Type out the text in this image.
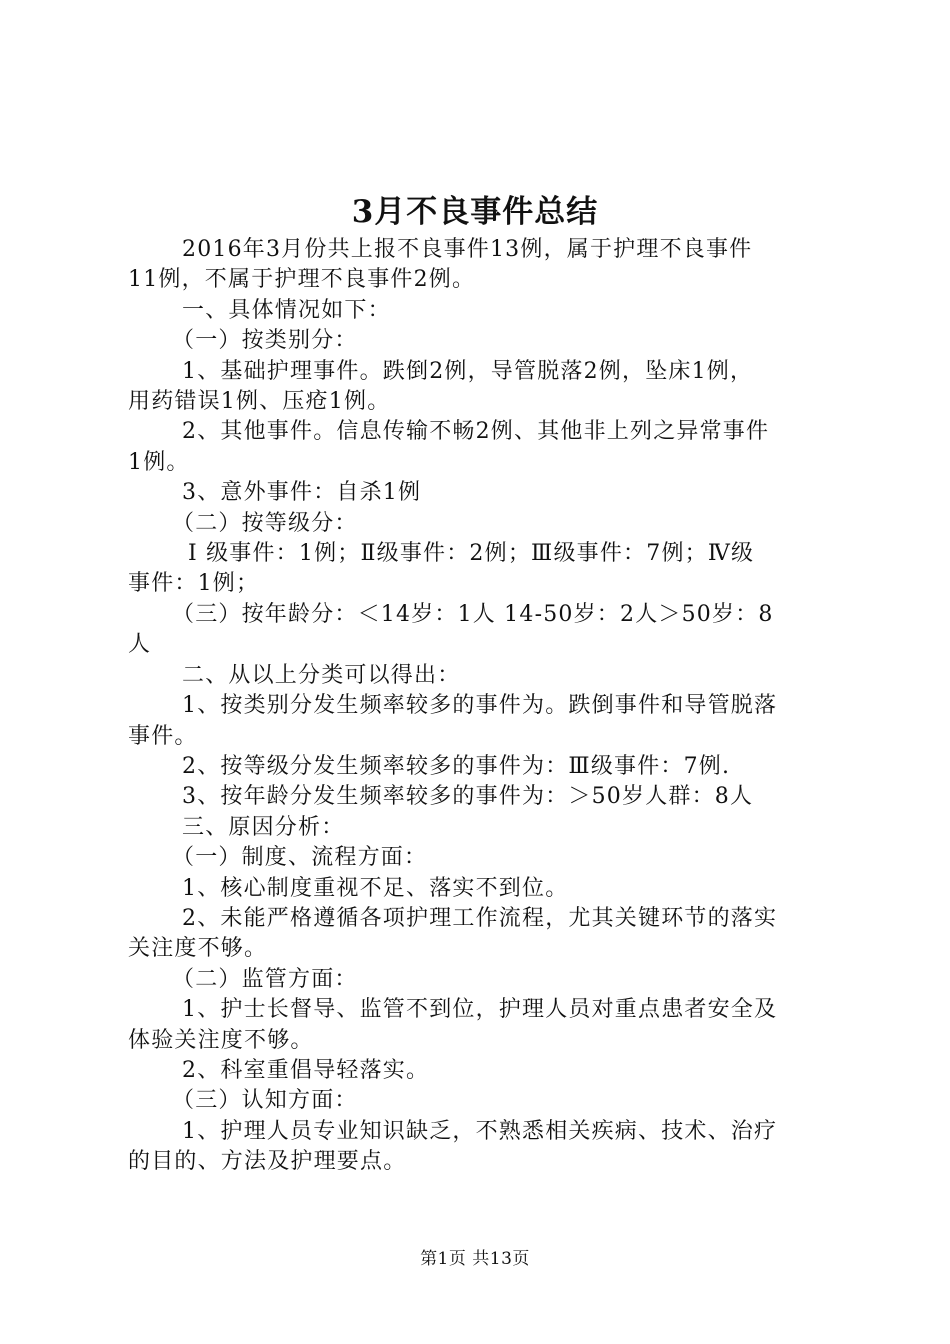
3月不良事件总结

2016年3月份共上报不良事件13例，属于护理不良事件

11例，不属于护理不良事件2例。

一、具体情况如下：

（一）按类别分：

1、基础护理事件。跌倒2例，导管脱落2例，坠床1例，

用药错误1例、压疮1例。

2、其他事件。信息传输不畅2例、其他非上列之异常事件

1例。

3、意外事件：自杀1例

（二）按等级分：

Ⅰ 级事件：1例；Ⅱ级事件：2例；Ⅲ级事件：7例；Ⅳ级

事件：1例；

（三）按年龄分：＜14岁：1人 14-50岁：2人＞50岁：8

人

二、从以上分类可以得出：

1、按类别分发生频率较多的事件为。跌倒事件和导管脱落

事件。

2、按等级分发生频率较多的事件为：Ⅲ级事件：7例.

3、按年龄分发生频率较多的事件为：＞50岁人群：8人

三、原因分析：

（一）制度、流程方面：

1、核心制度重视不足、落实不到位。

2、未能严格遵循各项护理工作流程，尤其关键环节的落实

关注度不够。

（二）监管方面：

1、护士长督导、监管不到位，护理人员对重点患者安全及

体验关注度不够。

2、科室重倡导轻落实。

（三）认知方面：

1、护理人员专业知识缺乏，不熟悉相关疾病、技术、治疗

的目的、方法及护理要点。

第1页 共13页
